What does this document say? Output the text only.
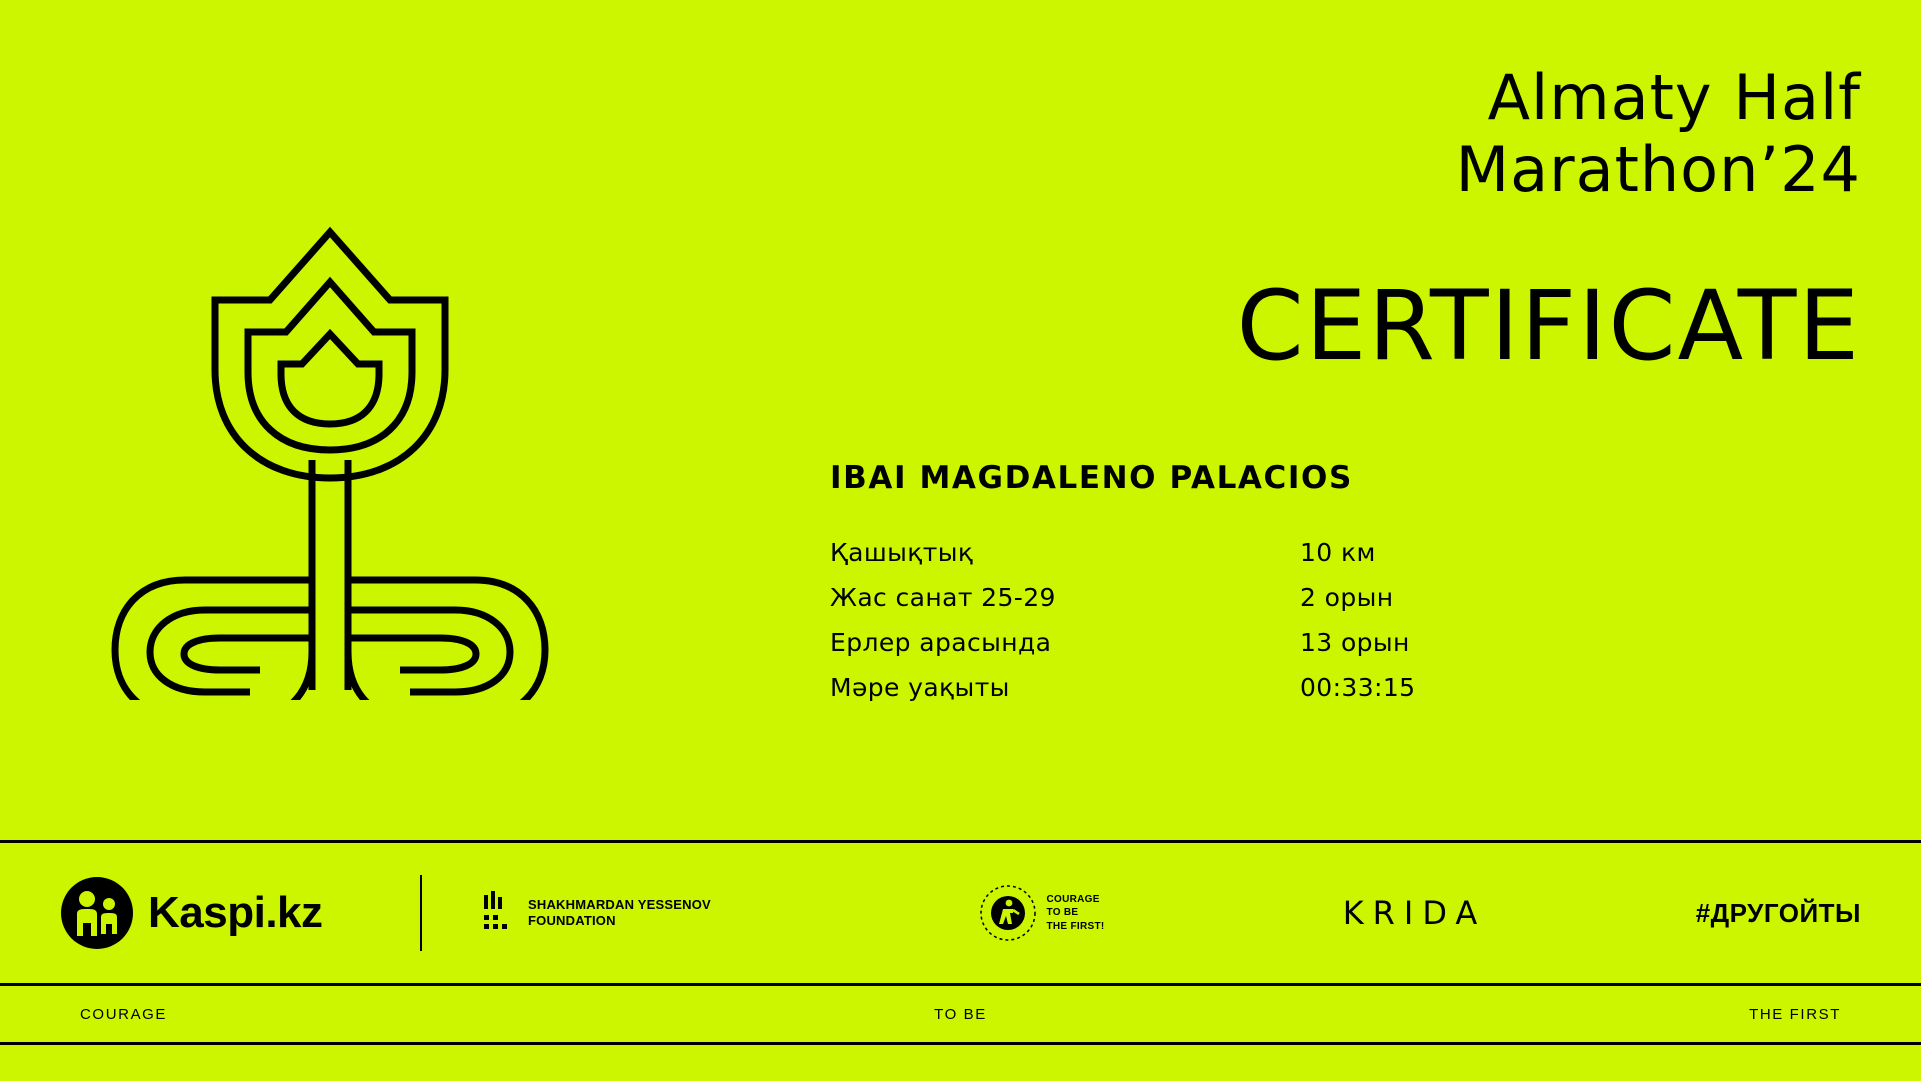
Almaty Half
Marathon’24
CERTIFICATE
IBAI MAGDALENO PALACIOS
Қашықтық	10 км
Жас санат 25-29	2 орын
Ерлер арасында	13 орын
Мәре уақыты	00:33:15
Kaspi.kz	SHAKHMARDAN YESSENOV
FOUNDATION
COURAGE
TO BE
THE FIRST!	KRIDA	#ДРУГОЙТЫ
COURAGE	TO BE	THE FIRST
